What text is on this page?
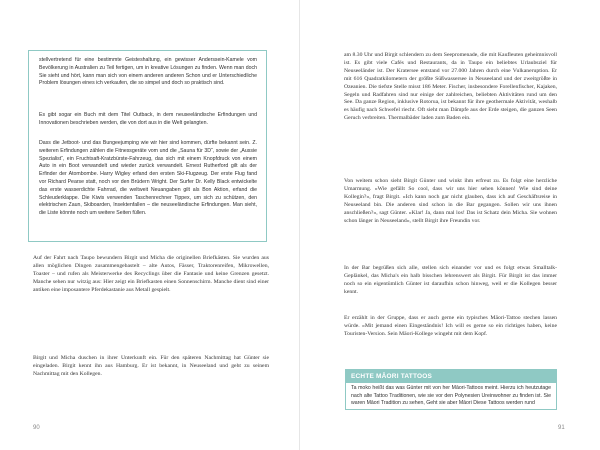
stellvertretend für eine bestimmte Geisteshaltung, ein gewisser Anderssein-Kamele vom Bevölkerung in Australien zu Teil fertigen, um in kreative Lösungen zu finden. Wenn man doch Sie sieht und hört, kann man sich von einem anderen anderen Schon und er Unterschiedliche Problem lösungen eines ich verkaufen, die so simpel und doch so praktisch sind.

Es gibt sogar ein Buch mit dem Titel Outback, in dem neuseeländische Erfindungen und Innovationen beschrieben werden, die von dort aus in die Welt gelangten.

Dass die Jetboot- und das Bungeejumping wie wir hier sind kommen, dürfte bekannt sein. Z. weiteren Erfindungen zählen die Fitnessgeräte vom und die „Sauna für 3D“, sowie der „Aussie Spezialist“, ein Fruchtsaft-Kratzbürste-Fahrzeug, das sich mit einem Knopfdruck von einem Auto in ein Boot verwandelt und wieder zurück verwandelt. Ernest Rutherford gilt als der Erfinder der Atombombe. Harry Wigley erfand den ersten Ski-Flugzeug. Der erste Flug fand vor Richard Pearse statt, noch vor den Brüdern Wright. Der Surfer Dr. Kelly Black entwickelte das erste wasserdichte Fahrrad, die weltweit Neuangaben gilt als Bon Aktion, erfand die Schleuderklappe. Die Kiwis verwenden Taschenrechner Tippex, um sich zu schützen, den elektrischen Zaun, Skiboarden, Insektenfallen – die neuseeländische Erfindungen. Man sieht, die Liste könnte noch um weitere Seiten füllen.

Auf der Fahrt nach Taupo bewundern Birgit und Micha die originellen Briefkästen. Sie wurden aus allen möglichen Dingen zusammengebastelt – alte Autos, Fässer, Traktorenreifen, Mikrowellen, Toaster – und rufen als Meisterwerke des Recyclings über die Fantasie und keine Grenzen gesetzt. Manche sehen nur witzig aus: Hier zeigt ein Briefkasten einen Sonnenschirm. Manche dient sind einer antiken eine imposantere Pferdekastanie aus Metall gespielt.

Birgit und Micha duschen in ihrer Unterkunft ein. Für den späteren Nachmittag hat Günter sie eingeladen. Birgit kennt ihn aus Hamburg. Er ist bekannt, in Neuseeland und geht zu seinem Nachmittag mit den Kollegen.

90

am 8.30 Uhr und Birgit schlendern zu dem Seepromenade, die mit Kaufleuten geheimnisvoll ist. Es gibt viele Cafés und Restaurants, da in Taupo ein beliebtes Urlaubsziel für Neuseeländer ist. Der Kratersee entstand vor 27.000 Jahren durch eine Vulkaneruption. Er mit 616 Quadratkilometern der größte Süßwassersee in Neuseeland und der zweitgrößte in Ozeanien. Die tiefste Stelle misst 186 Meter. Fischer, insbesondere Forellenfischer, Kajaken, Segeln und Radfahren sind nur einige der zahlreichen, beliebten Aktivitäten rund um den See. Da ganze Region, inklusive Rotorua, ist bekannt für ihre geothermale Aktivität, weshalb es häufig nach Schwefel riecht. Oft sieht man Dämpfe aus der Erde steigen, die ganzen Seen Geruch verbreiten. Thermalbäder laden zum Baden ein.

Von weitem schon sieht Birgit Günter und winkt ihm erfreut zu. Es folgt eine herzliche Umarmung. »Wie gefällt So cool, dass wir uns hier sehen können! Wie sind deine Kollegin?«, fragt Birgit. »Ich kann noch gar nicht glauben, dass ich auf Geschäftsreise in Neuseeland bin. Die anderen sind schon in die Bar gegangen. Sollen wir uns ihnen anschließen?«, sagt Günter. »Klar! Ja, dann mal los! Das ist Schatz dein Micha. Sie wohnen schon länger in Neuseeland«, stellt Birgit ihre Freundin vor.

In der Bar begrüßen sich alle, stellen sich einander vor und es folgt etwas Smalltalk-Geplänkel, das Micha's ein halb bisschen lehrenswert als Birgit. Für Birgit ist das immer noch so ein eigentümlich Günter ist daraufhin schon hinweg, weil er die Kollegen besser kennt.

Er erzählt in der Gruppe, dass er auch gerne ein typisches Māori-Tattoo stechen lassen würde. »Mit jemand einen Eingeständnis! Ich will es gerne so ein richtiges haben, keine Touristen-Version. Sein Māori-Kollege wingeht mit dem Kopf.

91
ECHTE MĀORI TATTOOS

Ta moko heißt das was Günter mit von her Māori-Tattoos meint. Hierzu ich heutzutage nach alte Tattoo Traditionen, wie sie vor den Polynesien Ureinwohner zu finden ist. Sie waren Māori Tradition zu sehen, Geht sie aber Māori Diese Tattoos werden rund
